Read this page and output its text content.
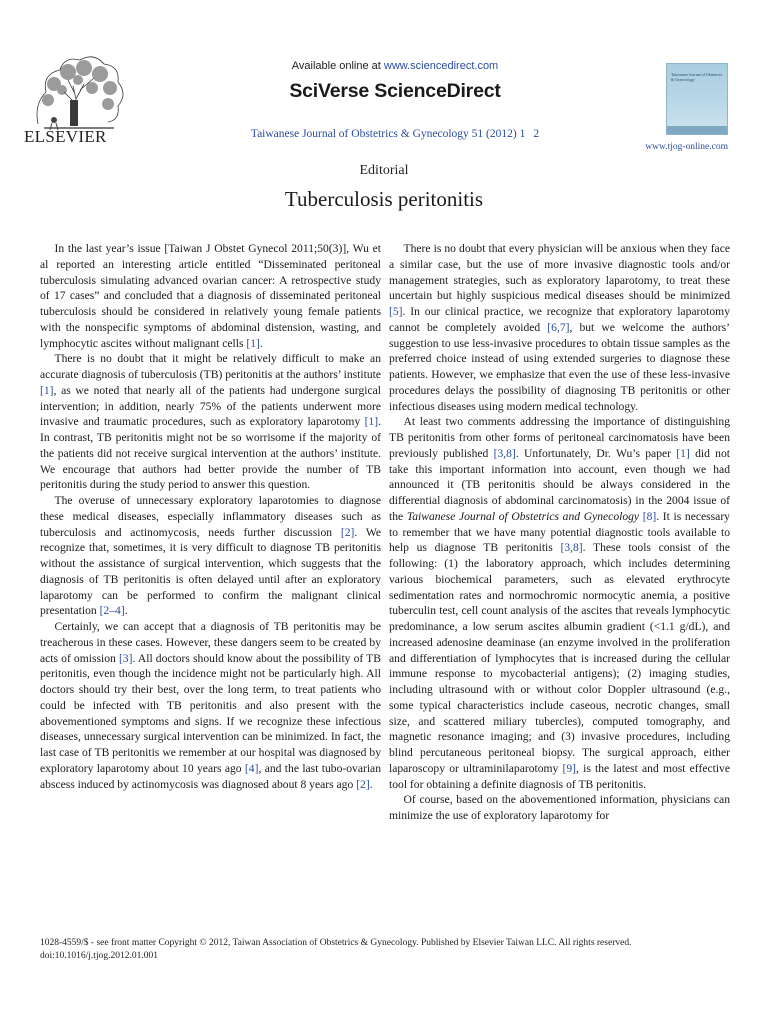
ELSEVIER
Available online at www.sciencedirect.com
SciVerse ScienceDirect
Taiwanese Journal of Obstetrics & Gynecology 51 (2012) 1  2
Taiwanese Journal of Obstetrics & Gynecology
www.tjog-online.com
Editorial
Tuberculosis peritonitis

In the last year’s issue [Taiwan J Obstet Gynecol 2011;50(3)], Wu et al reported an interesting article entitled “Disseminated peritoneal tuberculosis simulating advanced ovarian cancer: A retrospective study of 17 cases” and concluded that a diagnosis of disseminated peritoneal tuberculosis should be considered in relatively young female patients with the nonspecific symptoms of abdominal distension, wasting, and lymphocytic ascites without malignant cells [1].

There is no doubt that it might be relatively difficult to make an accurate diagnosis of tuberculosis (TB) peritonitis at the authors’ institute [1], as we noted that nearly all of the patients had undergone surgical intervention; in addition, nearly 75% of the patients underwent more invasive and traumatic procedures, such as exploratory laparotomy [1]. In contrast, TB peritonitis might not be so worrisome if the majority of the patients did not receive surgical intervention at the authors’ institute. We encourage that authors had better provide the number of TB peritonitis during the study period to answer this question.

The overuse of unnecessary exploratory laparotomies to diagnose these medical diseases, especially inflammatory diseases such as tuberculosis and actinomycosis, needs further discussion [2]. We recognize that, sometimes, it is very difficult to diagnose TB peritonitis without the assistance of surgical intervention, which suggests that the diagnosis of TB peritonitis is often delayed until after an exploratory laparotomy can be performed to confirm the malignant clinical presentation [2–4].

Certainly, we can accept that a diagnosis of TB peritonitis may be treacherous in these cases. However, these dangers seem to be created by acts of omission [3]. All doctors should know about the possibility of TB peritonitis, even though the incidence might not be particularly high. All doctors should try their best, over the long term, to treat patients who could be infected with TB peritonitis and also present with the abovementioned symptoms and signs. If we recognize these infectious diseases, unnecessary surgical intervention can be minimized. In fact, the last case of TB peritonitis we remember at our hospital was diagnosed by exploratory laparotomy about 10 years ago [4], and the last tubo-ovarian abscess induced by actinomycosis was diagnosed about 8 years ago [2].

There is no doubt that every physician will be anxious when they face a similar case, but the use of more invasive diagnostic tools and/or management strategies, such as exploratory laparotomy, to treat these uncertain but highly suspicious medical diseases should be minimized [5]. In our clinical practice, we recognize that exploratory laparotomy cannot be completely avoided [6,7], but we welcome the authors’ suggestion to use less-invasive procedures to obtain tissue samples as the preferred choice instead of using extended surgeries to diagnose these patients. However, we emphasize that even the use of these less-invasive procedures delays the possibility of diagnosing TB peritonitis or other infectious diseases using modern medical technology.

At least two comments addressing the importance of distinguishing TB peritonitis from other forms of peritoneal carcinomatosis have been previously published [3,8]. Unfortunately, Dr. Wu’s paper [1] did not take this important information into account, even though we had announced it (TB peritonitis should be always considered in the differential diagnosis of abdominal carcinomatosis) in the 2004 issue of the Taiwanese Journal of Obstetrics and Gynecology [8]. It is necessary to remember that we have many potential diagnostic tools available to help us diagnose TB peritonitis [3,8]. These tools consist of the following: (1) the laboratory approach, which includes determining various biochemical parameters, such as elevated erythrocyte sedimentation rates and normochromic normocytic anemia, a positive tuberculin test, cell count analysis of the ascites that reveals lymphocytic predominance, a low serum ascites albumin gradient (<1.1 g/dL), and increased adenosine deaminase (an enzyme involved in the proliferation and differentiation of lymphocytes that is increased during the cellular immune response to mycobacterial antigens); (2) imaging studies, including ultrasound with or without color Doppler ultrasound (e.g., some typical characteristics include caseous, necrotic changes, small size, and scattered miliary tubercles), computed tomography, and magnetic resonance imaging; and (3) invasive procedures, including blind percutaneous peritoneal biopsy. The surgical approach, either laparoscopy or ultraminilaparotomy [9], is the latest and most effective tool for obtaining a definite diagnosis of TB peritonitis.

Of course, based on the abovementioned information, physicians can minimize the use of exploratory laparotomy for

1028-4559/$ - see front matter Copyright © 2012, Taiwan Association of Obstetrics & Gynecology. Published by Elsevier Taiwan LLC. All rights reserved.
doi:10.1016/j.tjog.2012.01.001
